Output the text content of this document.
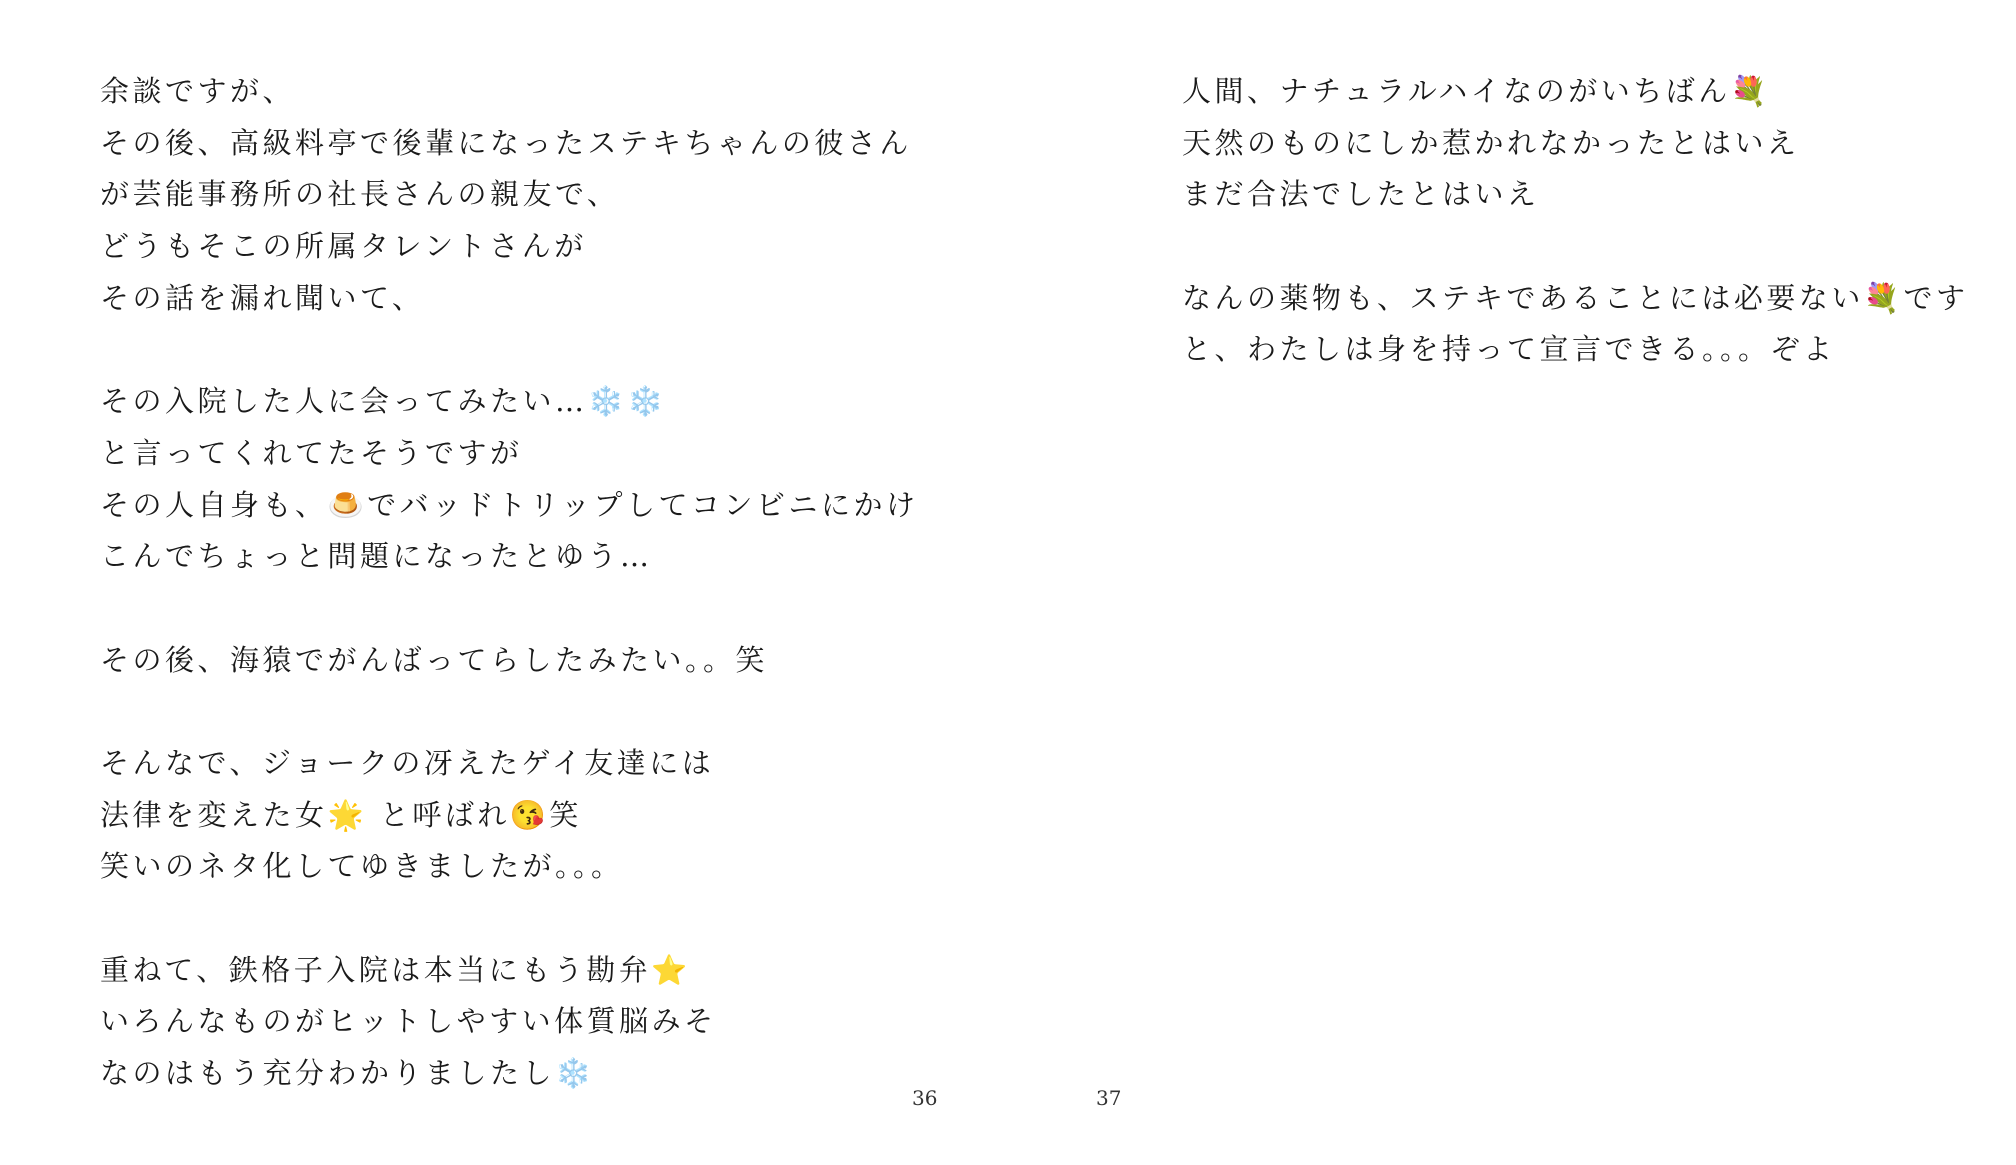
余談ですが、
その後、高級料亭で後輩になったステキちゃんの彼さん
が芸能事務所の社長さんの親友で、
どうもそこの所属タレントさんが
その話を漏れ聞いて、
その入院した人に会ってみたい…❄️❄️
と言ってくれてたそうですが
その人自身も、🍮でバッドトリップしてコンビニにかけ
こんでちょっと問題になったとゆう…
その後、海猿でがんばってらしたみたい。。笑
そんなで、ジョークの冴えたゲイ友達には
法律を変えた女🌟 と呼ばれ😘笑
笑いのネタ化してゆきましたが。。。
重ねて、鉄格子入院は本当にもう勘弁⭐️
いろんなものがヒットしやすい体質脳みそ
なのはもう充分わかりましたし❄️
36
人間、ナチュラルハイなのがいちばん💐
天然のものにしか惹かれなかったとはいえ
まだ合法でしたとはいえ
なんの薬物も、ステキであることには必要ない💐です
と、わたしは身を持って宣言できる。。。ぞよ
37
